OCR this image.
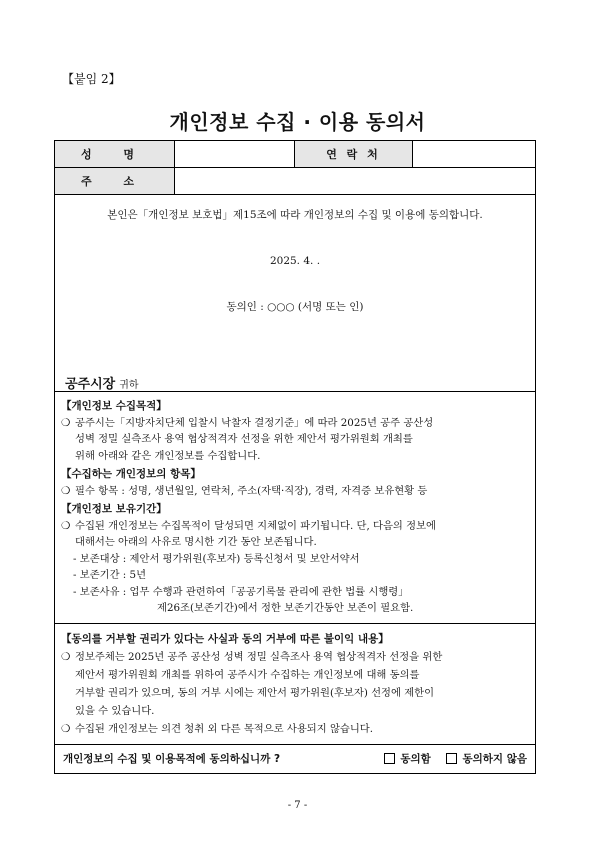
【붙임 2】
개인정보 수집 · 이용 동의서
성 명	연 락 처
주 소
본인은「개인정보 보호법」제15조에 따라 개인정보의 수집 및 이용에 동의합니다.
2025. 4. .
동의인 : ○○○ (서명 또는 인)
공주시장 귀하
【개인정보 수집목적】
❍ 공주시는「지방자치단체 입찰시 낙찰자 결정기준」에 따라 2025년 공주 공산성
성벽 정밀 실측조사 용역 협상적격자 선정을 위한 제안서 평가위원회 개최를
위해 아래와 같은 개인정보를 수집합니다.
【수집하는 개인정보의 항목】
❍ 필수 항목 : 성명, 생년월일, 연락처, 주소(자택·직장), 경력, 자격증 보유현황 등
【개인정보 보유기간】
❍ 수집된 개인정보는 수집목적이 달성되면 지체없이 파기됩니다. 단, 다음의 정보에
대해서는 아래의 사유로 명시한 기간 동안 보존됩니다.
- 보존대상 : 제안서 평가위원(후보자) 등록신청서 및 보안서약서
- 보존기간 : 5년
- 보존사유 : 업무 수행과 관련하여「공공기록물 관리에 관한 법률 시행령」
제26조(보존기간)에서 정한 보존기간동안 보존이 필요함.
【동의를 거부할 권리가 있다는 사실과 동의 거부에 따른 불이익 내용】
❍ 정보주체는 2025년 공주 공산성 성벽 정밀 실측조사 용역 협상적격자 선정을 위한
제안서 평가위원회 개최를 위하여 공주시가 수집하는 개인정보에 대해 동의를
거부할 권리가 있으며, 동의 거부 시에는 제안서 평가위원(후보자) 선정에 제한이
있을 수 있습니다.
❍ 수집된 개인정보는 의견 청취 외 다른 목적으로 사용되지 않습니다.
개인정보의 수집 및 이용목적에 동의하십니까 ?	동의함
	동의하지 않음
- 7 -
